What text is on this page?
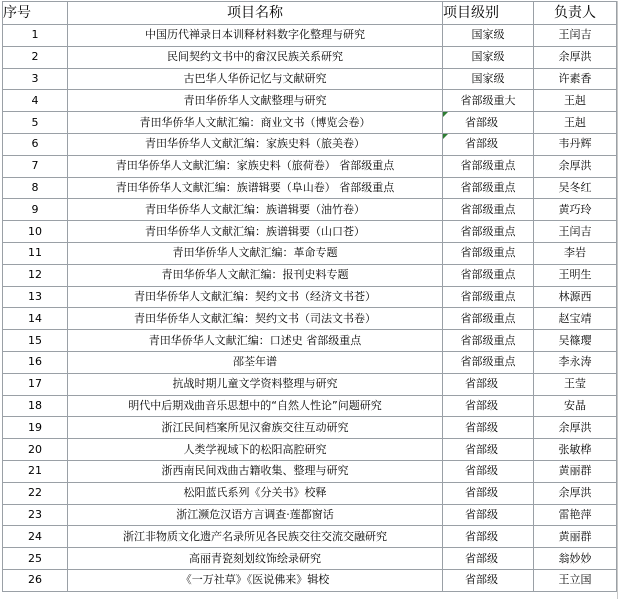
序号	项目名称	项目级别	负责人
1	中国历代禅录日本训释材料数字化整理与研究	国家级	王闰吉
2	民间契约文书中的畲汉民族关系研究	国家级	余厚洪
3	古巴华人华侨记忆与文献研究	国家级	许素香
4	青田华侨华人文献整理与研究	省部级重大	王赳
5	青田华侨华人文献汇编：商业文书（博览会卷）	省部级	王赳
6	青田华侨华人文献汇编：家族史料（旅美卷）	省部级	韦丹辉
7	青田华侨华人文献汇编：家族史料（旅荷卷） 省部级重点	省部级重点	余厚洪
8	青田华侨华人文献汇编：族谱辑要（阜山卷） 省部级重点	省部级重点	吴冬红
9	青田华侨华人文献汇编：族谱辑要（油竹卷）	省部级重点	黄巧玲
10	青田华侨华人文献汇编：族谱辑要（山口苍）	省部级重点	王闰吉
11	青田华侨华人文献汇编：革命专题	省部级重点	李岩
12	青田华侨华人文献汇编：报刊史料专题	省部级重点	王明生
13	青田华侨华人文献汇编：契约文书（经济文书苍）	省部级重点	林源西
14	青田华侨华人文献汇编：契约文书（司法文书卷）	省部级重点	赵宝靖
15	青田华侨华人文献汇编：口述史 省部级重点	省部级重点	吴篠璎
16	邵荃年谱	省部级重点	李永涛
17	抗战时期儿童文学资料整理与研究	省部级	王莹
18	明代中后期戏曲音乐思想中的“自然人性论”问题研究	省部级	安晶
19	浙江民间档案所见汉畲族交往互动研究	省部级	余厚洪
20	人类学视域下的松阳高腔研究	省部级	张敏桦
21	浙西南民间戏曲古籍收集、整理与研究	省部级	黄丽群
22	松阳蓝氏系列《分关书》校释	省部级	余厚洪
23	浙江濒危汉语方言调查·莲都窗话	省部级	雷艳萍
24	浙江非物质文化遗产名录所见各民族交往交流交融研究	省部级	黄丽群
25	高丽青瓷刻划纹饰绘录研究	省部级	翁妙妙
26	《一万社草》《医说佛来》辑校	省部级	王立国
